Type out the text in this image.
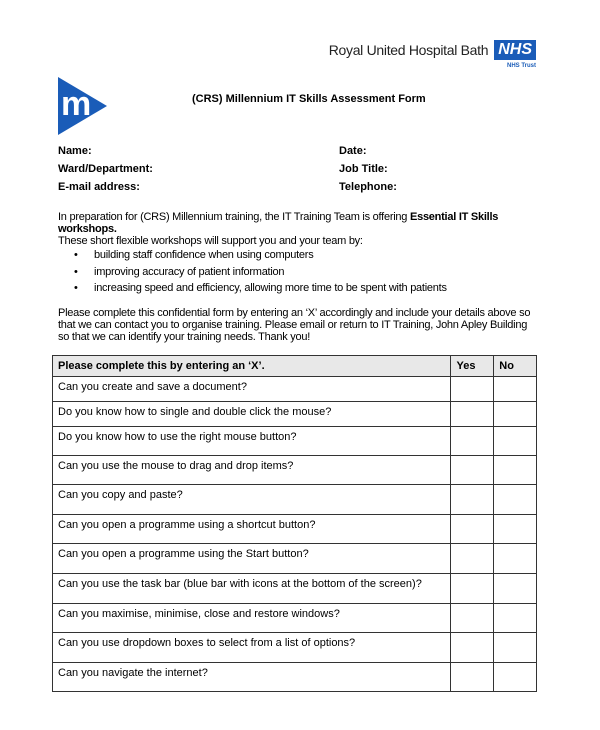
Royal United Hospital Bath NHS
NHS Trust
m	(CRS) Millennium IT Skills Assessment Form
Name:	Date:
Ward/Department:	Job Title:
E-mail address:	Telephone:
In preparation for (CRS) Millennium training, the IT Training Team is offering Essential IT Skills workshops.
These short flexible workshops will support you and your team by:
• building staff confidence when using computers
• improving accuracy of patient information
• increasing speed and efficiency, allowing more time to be spent with patients
Please complete this confidential form by entering an ‘X’ accordingly and include your details above so that we can contact you to organise training. Please email or return to IT Training, John Apley Building so that we can identify your training needs. Thank you!
Please complete this by entering an ‘X’.	Yes	No
Can you create and save a document?		
Do you know how to single and double click the mouse?		
Do you know how to use the right mouse button?		
Can you use the mouse to drag and drop items?		
Can you copy and paste?		
Can you open a programme using a shortcut button?		
Can you open a programme using the Start button?		
Can you use the task bar (blue bar with icons at the bottom of the screen)?		
Can you maximise, minimise, close and restore windows?		
Can you use dropdown boxes to select from a list of options?		
Can you navigate the internet?		
